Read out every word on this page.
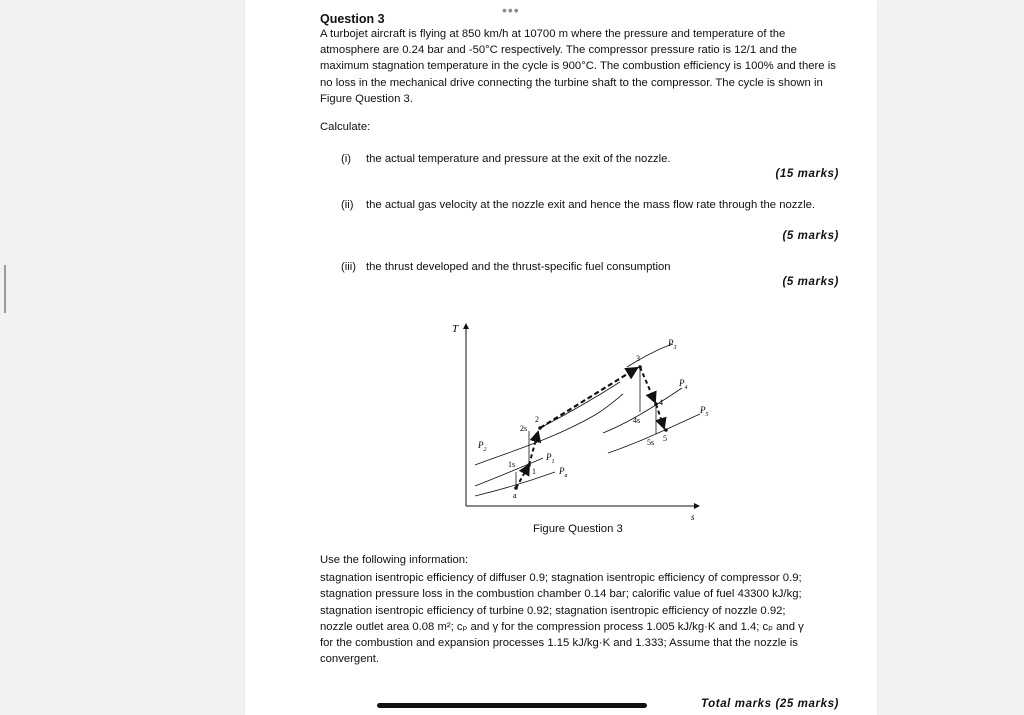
•••
Question 3
A turbojet aircraft is flying at 850 km/h at 10700 m where the pressure and temperature of the atmosphere are 0.24 bar and -50°C respectively. The compressor pressure ratio is 12/1 and the maximum stagnation temperature in the cycle is 900°C. The combustion efficiency is 100% and there is no loss in the mechanical drive connecting the turbine shaft to the compressor. The cycle is shown in Figure Question 3.
Calculate:
(i) the actual temperature and pressure at the exit of the nozzle.
(15 marks)
(ii) the actual gas velocity at the nozzle exit and hence the mass flow rate through the nozzle.
(5 marks)
(iii) the thrust developed and the thrust-specific fuel consumption
(5 marks)
T
s
$P_3$
$P_4$
$P_5$
$P_2$
$P_1$
$P_a$
3
4
4s
5
5s
2
2s
1
1s
a
Figure Question 3
Use the following information:
stagnation isentropic efficiency of diffuser 0.9; stagnation isentropic efficiency of compressor 0.9;
stagnation pressure loss in the combustion chamber 0.14 bar; calorific value of fuel 43300 kJ/kg;
stagnation isentropic efficiency of turbine 0.92; stagnation isentropic efficiency of nozzle 0.92;
nozzle outlet area 0.08 m²; cₚ and γ for the compression process 1.005 kJ/kg·K and 1.4; cₚ and γ
for the combustion and expansion processes 1.15 kJ/kg·K and 1.333; Assume that the nozzle is
convergent.
Total marks (25 marks)
